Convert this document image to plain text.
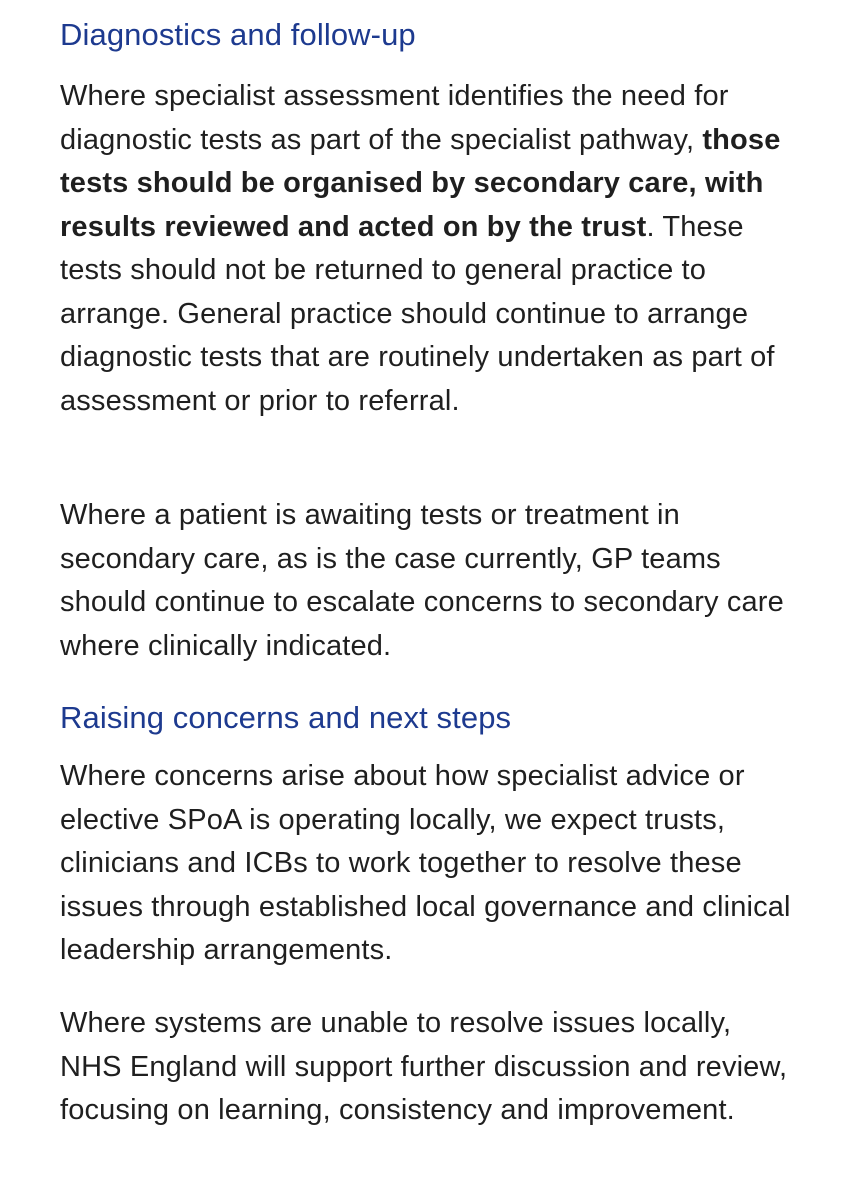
Diagnostics and follow-up

Where specialist assessment identifies the need for diagnostic tests as part of the specialist pathway, those tests should be organised by secondary care, with results reviewed and acted on by the trust. These tests should not be returned to general practice to arrange. General practice should continue to arrange diagnostic tests that are routinely undertaken as part of assessment or prior to referral.

Where a patient is awaiting tests or treatment in secondary care, as is the case currently, GP teams should continue to escalate concerns to secondary care where clinically indicated.

Raising concerns and next steps

Where concerns arise about how specialist advice or elective SPoA is operating locally, we expect trusts, clinicians and ICBs to work together to resolve these issues through established local governance and clinical leadership arrangements.

Where systems are unable to resolve issues locally, NHS England will support further discussion and review, focusing on learning, consistency and improvement.
